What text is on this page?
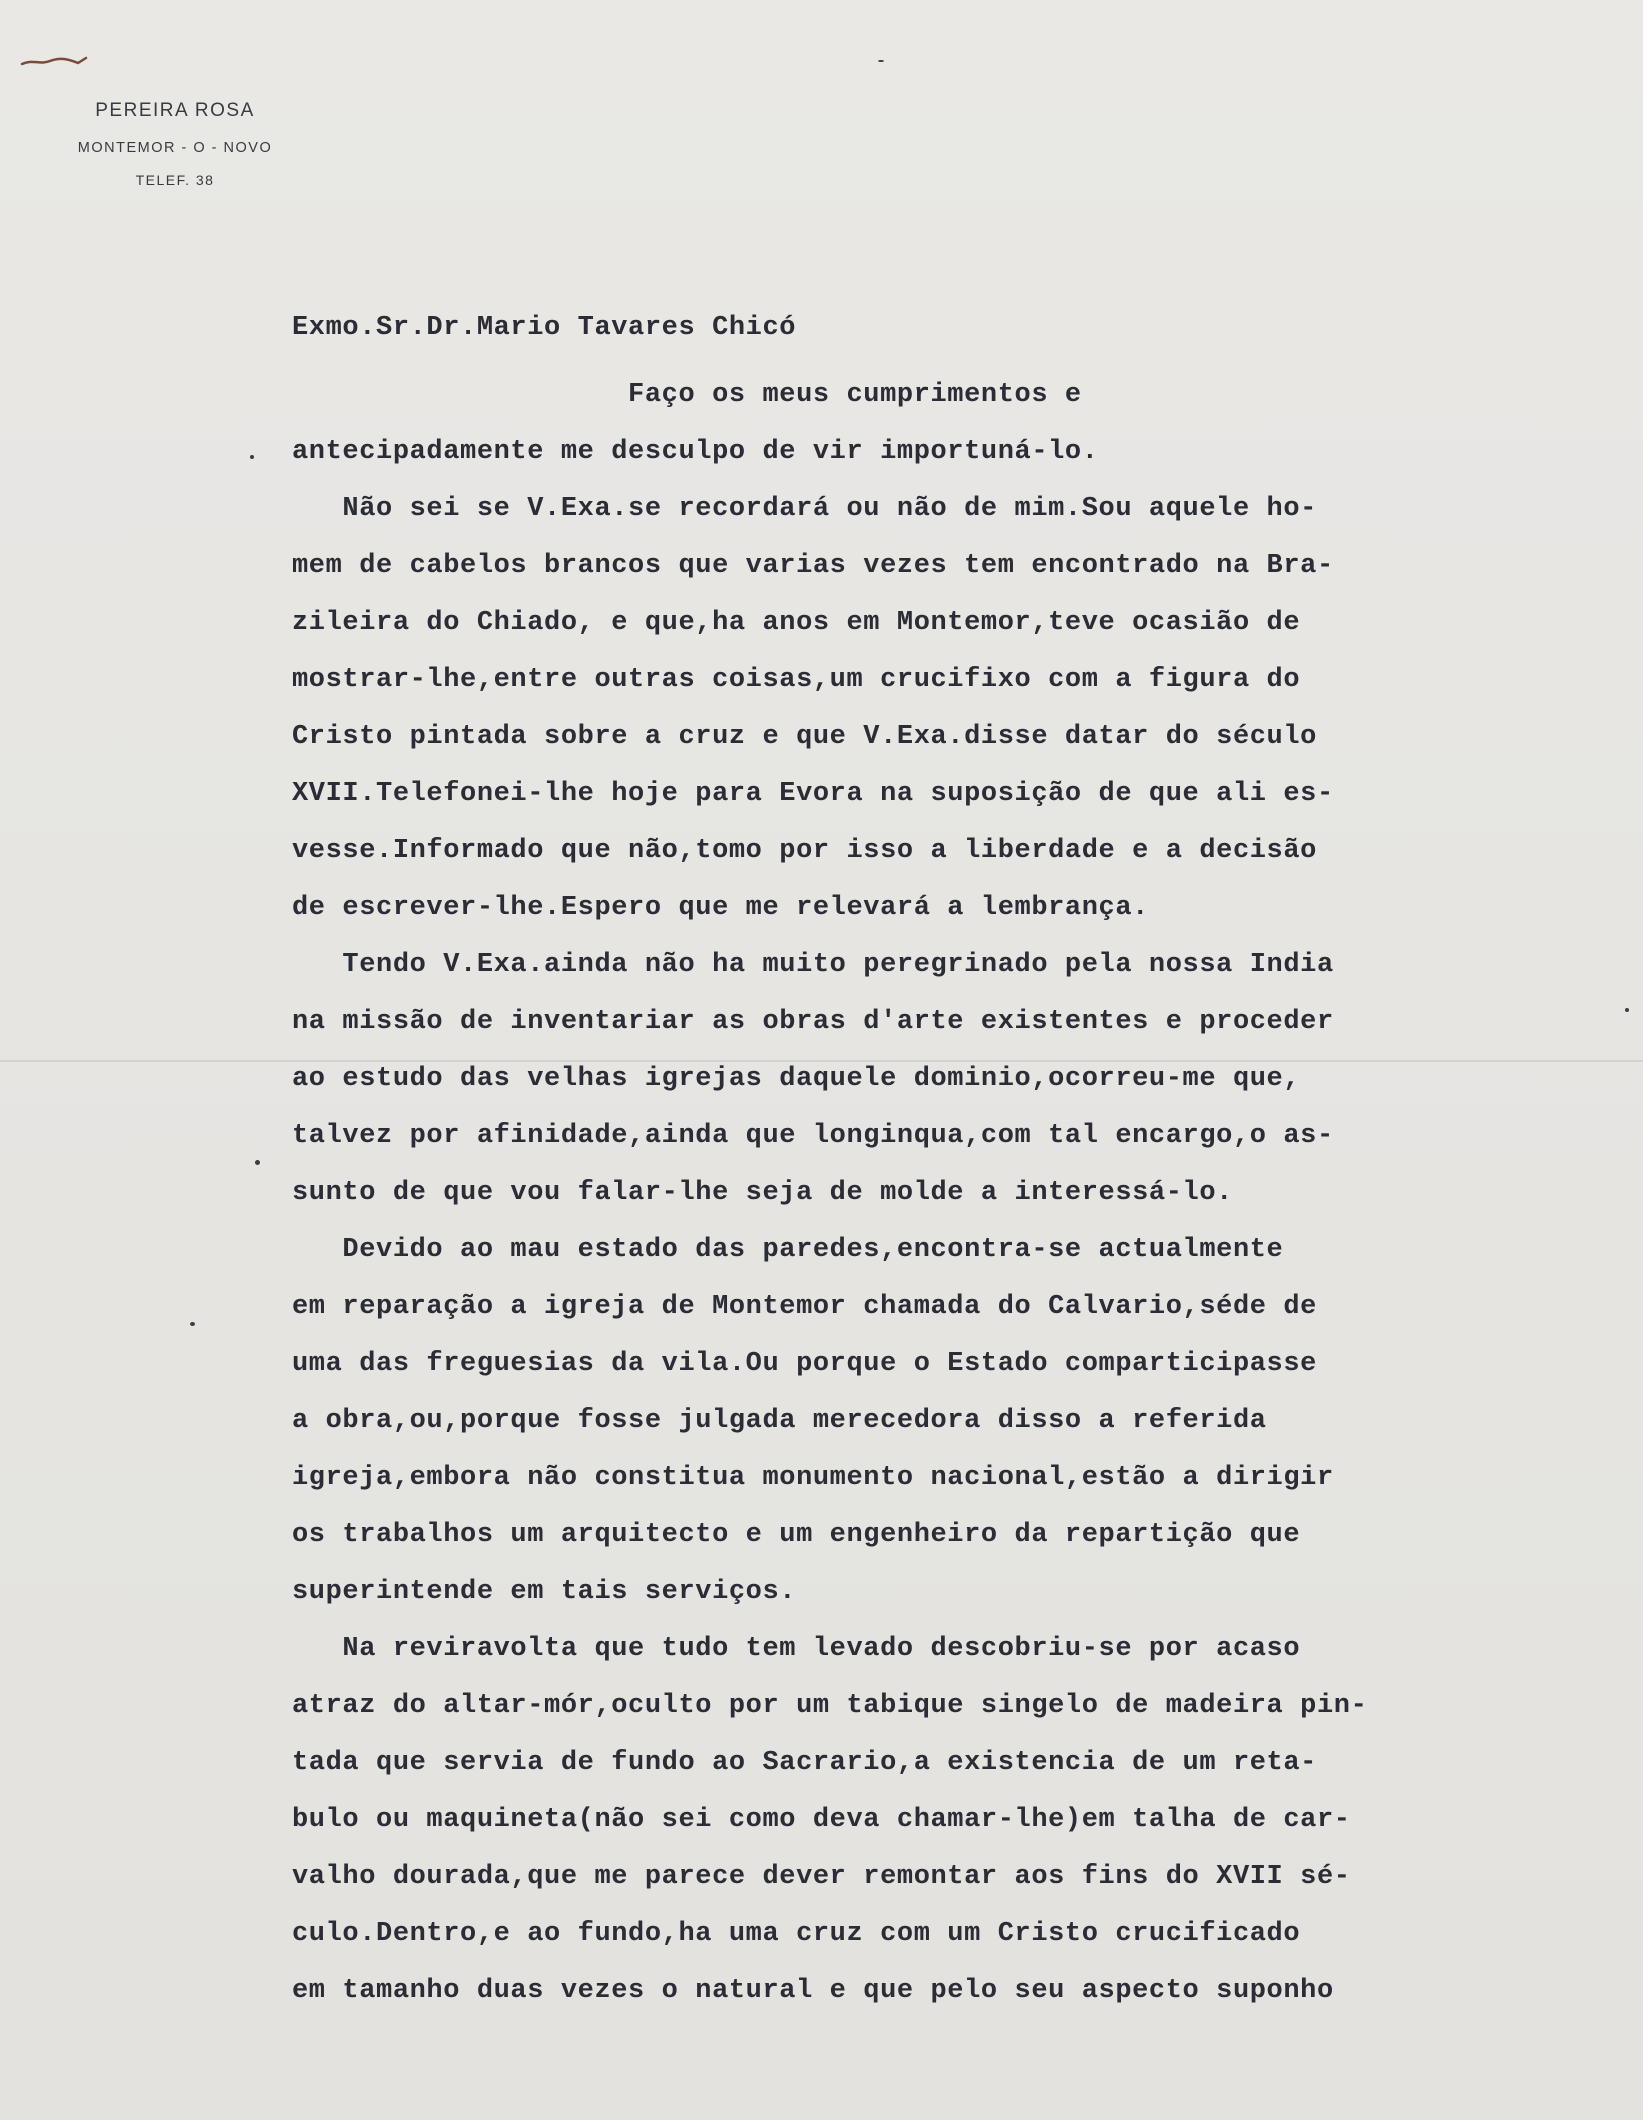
PEREIRA ROSA
MONTEMOR - O - NOVO
TELEF. 38
Exmo.Sr.Dr.Mario Tavares Chicó
Faço os meus cumprimentos e
antecipadamente me desculpo de vir importuná-lo.
Não sei se V.Exa.se recordará ou não de mim.Sou aquele ho-
mem de cabelos brancos que varias vezes tem encontrado na Bra-
zileira do Chiado, e que,ha anos em Montemor,teve ocasião de
mostrar-lhe,entre outras coisas,um crucifixo com a figura do
Cristo pintada sobre a cruz e que V.Exa.disse datar do século
XVII.Telefonei-lhe hoje para Evora na suposição de que ali es-
vesse.Informado que não,tomo por isso a liberdade e a decisão
de escrever-lhe.Espero que me relevará a lembrança.
Tendo V.Exa.ainda não ha muito peregrinado pela nossa India
na missão de inventariar as obras d'arte existentes e proceder
ao estudo das velhas igrejas daquele dominio,ocorreu-me que,
talvez por afinidade,ainda que longinqua,com tal encargo,o as-
sunto de que vou falar-lhe seja de molde a interessá-lo.
Devido ao mau estado das paredes,encontra-se actualmente
em reparação a igreja de Montemor chamada do Calvario,séde de
uma das freguesias da vila.Ou porque o Estado comparticipasse
a obra,ou,porque fosse julgada merecedora disso a referida
igreja,embora não constitua monumento nacional,estão a dirigir
os trabalhos um arquitecto e um engenheiro da repartição que
superintende em tais serviços.
Na reviravolta que tudo tem levado descobriu-se por acaso
atraz do altar-mór,oculto por um tabique singelo de madeira pin-
tada que servia de fundo ao Sacrario,a existencia de um reta-
bulo ou maquineta(não sei como deva chamar-lhe)em talha de car-
valho dourada,que me parece dever remontar aos fins do XVII sé-
culo.Dentro,e ao fundo,ha uma cruz com um Cristo crucificado
em tamanho duas vezes o natural e que pelo seu aspecto suponho
